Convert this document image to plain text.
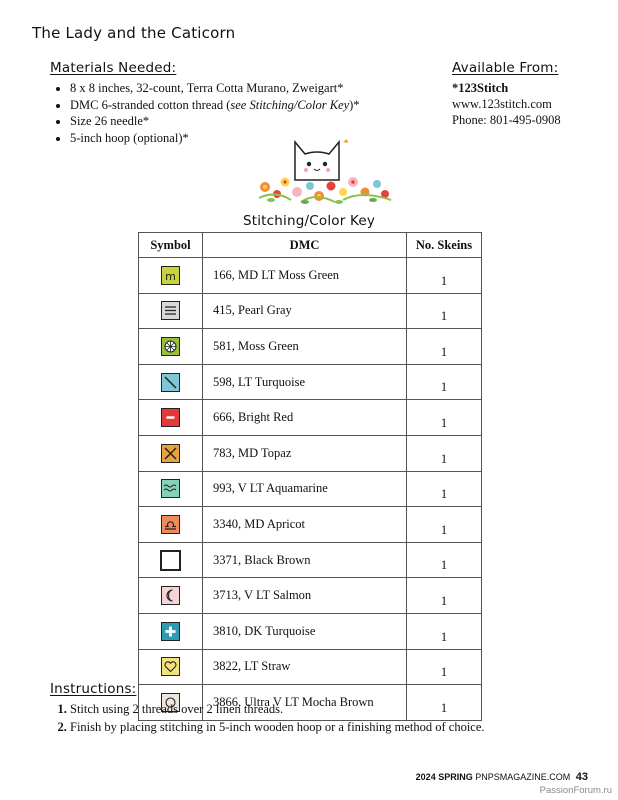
The Lady and the Caticorn
Materials Needed:
• 8 x 8 inches, 32-count, Terra Cotta Murano, Zweigart*
• DMC 6-stranded cotton thread (see Stitching/Color Key)*
• Size 26 needle*
• 5-inch hoop (optional)*
Available From:
*123Stitch
www.123stitch.com
Phone: 801-495-0908
Stitching/Color Key
Symbol	DMC	No. Skeins

m	166, MD LT Moss Green	1

	415, Pearl Gray	1

	581, Moss Green	1

	598, LT Turquoise	1

	666, Bright Red	1

	783, MD Topaz	1

	993, V LT Aquamarine	1

	3340, MD Apricot	1

	3371, Black Brown	1

	3713, V LT Salmon	1

	3810, DK Turquoise	1

	3822, LT Straw	1

	3866, Ultra V LT Mocha Brown	1
Instructions:
1. Stitch using 2 threads over 2 linen threads.
2. Finish by placing stitching in 5-inch wooden hoop or a finishing method of choice.
2024 SPRING PNPSMAGAZINE.COM 43
PassionForum.ru
